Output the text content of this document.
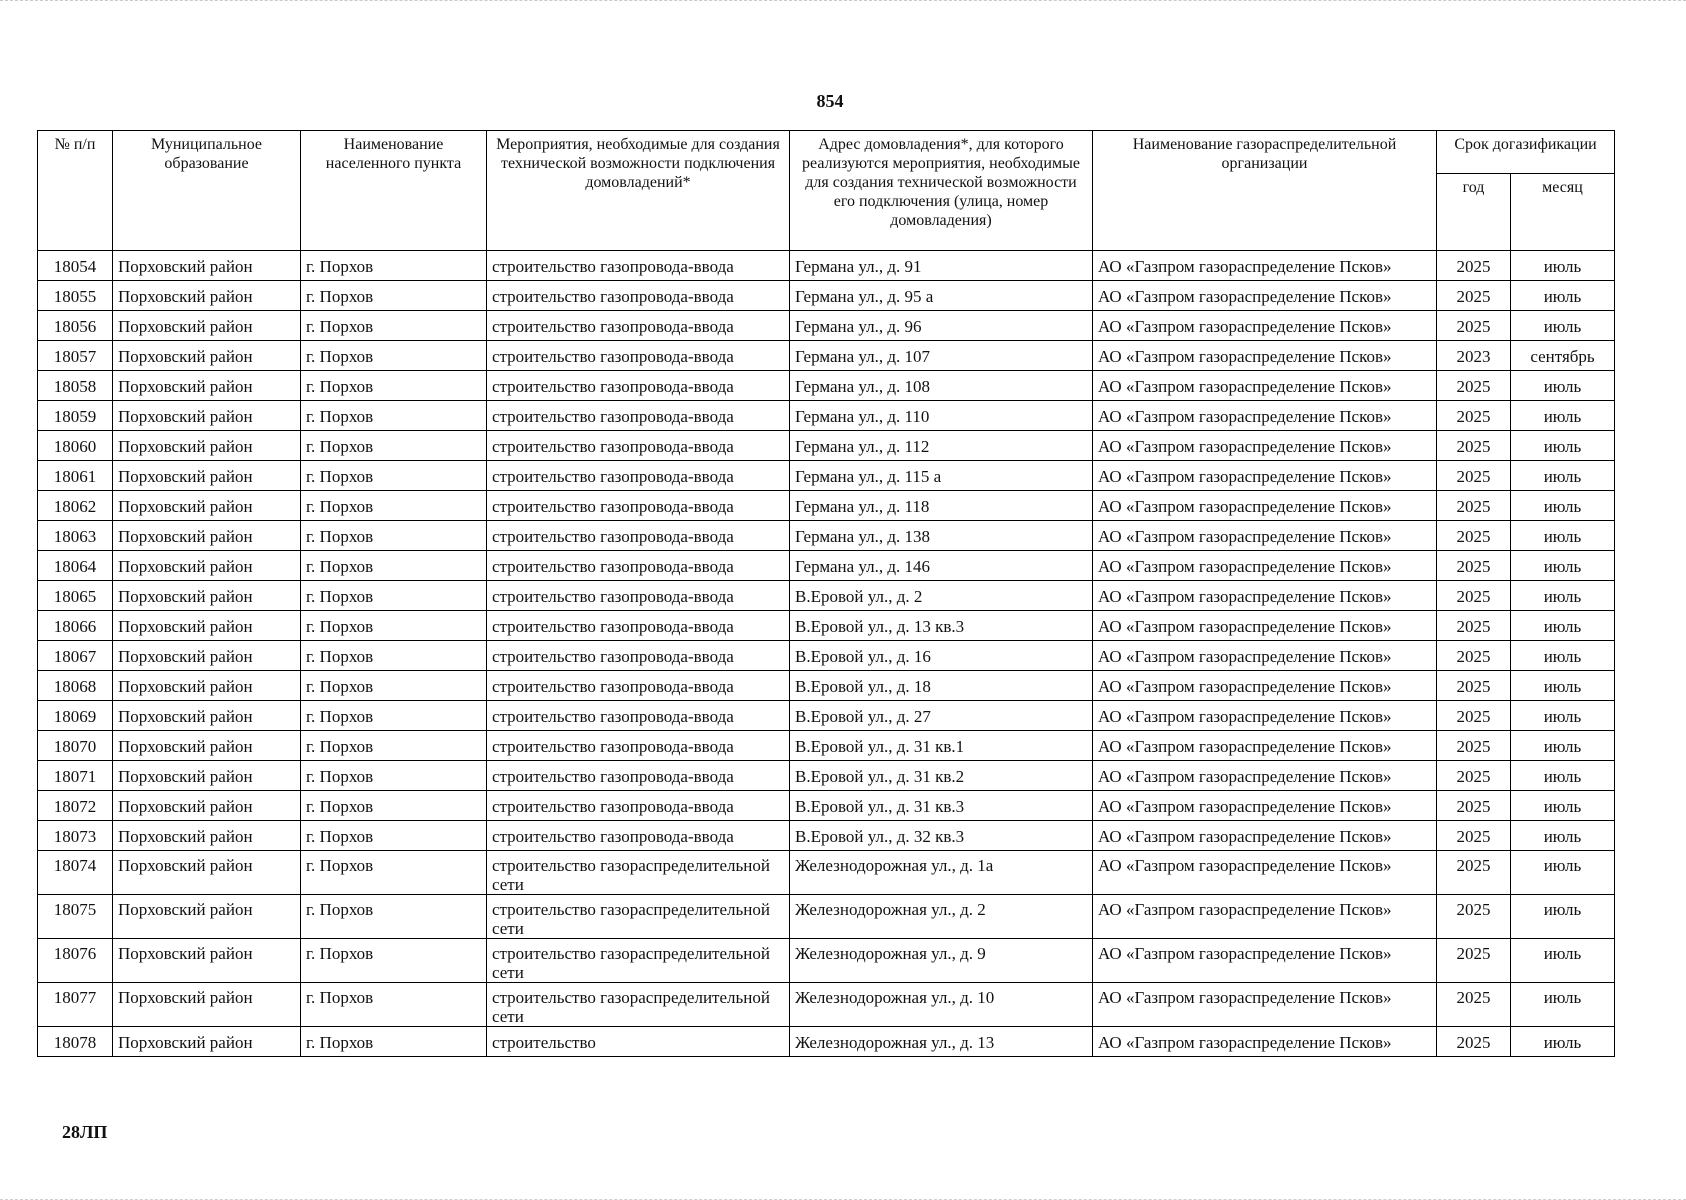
854
№ п/п	Муниципальное образование	Наименование населенного пункта	Мероприятия, необходимые для создания технической возможности подключения домовладений*	Адрес домовладения*, для которого реализуются мероприятия, необходимые для создания технической возможности его подключения (улица, номер домовладения)	Наименование газораспределительной организации	Срок догазификации	
						год	месяц
18054	Порховский район	г. Порхов	строительство газопровода-ввода	Германа ул., д. 91	АО «Газпром газораспределение Псков»	2025	июль
18055	Порховский район	г. Порхов	строительство газопровода-ввода	Германа ул., д. 95 а	АО «Газпром газораспределение Псков»	2025	июль
18056	Порховский район	г. Порхов	строительство газопровода-ввода	Германа ул., д. 96	АО «Газпром газораспределение Псков»	2025	июль
18057	Порховский район	г. Порхов	строительство газопровода-ввода	Германа ул., д. 107	АО «Газпром газораспределение Псков»	2023	сентябрь
18058	Порховский район	г. Порхов	строительство газопровода-ввода	Германа ул., д. 108	АО «Газпром газораспределение Псков»	2025	июль
18059	Порховский район	г. Порхов	строительство газопровода-ввода	Германа ул., д. 110	АО «Газпром газораспределение Псков»	2025	июль
18060	Порховский район	г. Порхов	строительство газопровода-ввода	Германа ул., д. 112	АО «Газпром газораспределение Псков»	2025	июль
18061	Порховский район	г. Порхов	строительство газопровода-ввода	Германа ул., д. 115 а	АО «Газпром газораспределение Псков»	2025	июль
18062	Порховский район	г. Порхов	строительство газопровода-ввода	Германа ул., д. 118	АО «Газпром газораспределение Псков»	2025	июль
18063	Порховский район	г. Порхов	строительство газопровода-ввода	Германа ул., д. 138	АО «Газпром газораспределение Псков»	2025	июль
18064	Порховский район	г. Порхов	строительство газопровода-ввода	Германа ул., д. 146	АО «Газпром газораспределение Псков»	2025	июль
18065	Порховский район	г. Порхов	строительство газопровода-ввода	В.Еровой ул., д. 2	АО «Газпром газораспределение Псков»	2025	июль
18066	Порховский район	г. Порхов	строительство газопровода-ввода	В.Еровой ул., д. 13 кв.3	АО «Газпром газораспределение Псков»	2025	июль
18067	Порховский район	г. Порхов	строительство газопровода-ввода	В.Еровой ул., д. 16	АО «Газпром газораспределение Псков»	2025	июль
18068	Порховский район	г. Порхов	строительство газопровода-ввода	В.Еровой ул., д. 18	АО «Газпром газораспределение Псков»	2025	июль
18069	Порховский район	г. Порхов	строительство газопровода-ввода	В.Еровой ул., д. 27	АО «Газпром газораспределение Псков»	2025	июль
18070	Порховский район	г. Порхов	строительство газопровода-ввода	В.Еровой ул., д. 31 кв.1	АО «Газпром газораспределение Псков»	2025	июль
18071	Порховский район	г. Порхов	строительство газопровода-ввода	В.Еровой ул., д. 31 кв.2	АО «Газпром газораспределение Псков»	2025	июль
18072	Порховский район	г. Порхов	строительство газопровода-ввода	В.Еровой ул., д. 31 кв.3	АО «Газпром газораспределение Псков»	2025	июль
18073	Порховский район	г. Порхов	строительство газопровода-ввода	В.Еровой ул., д. 32 кв.3	АО «Газпром газораспределение Псков»	2025	июль
18074	Порховский район	г. Порхов	строительство газораспределительной сети	Железнодорожная ул., д. 1а	АО «Газпром газораспределение Псков»	2025	июль
18075	Порховский район	г. Порхов	строительство газораспределительной сети	Железнодорожная ул., д. 2	АО «Газпром газораспределение Псков»	2025	июль
18076	Порховский район	г. Порхов	строительство газораспределительной сети	Железнодорожная ул., д. 9	АО «Газпром газораспределение Псков»	2025	июль
18077	Порховский район	г. Порхов	строительство газораспределительной сети	Железнодорожная ул., д. 10	АО «Газпром газораспределение Псков»	2025	июль
18078	Порховский район	г. Порхов	строительство	Железнодорожная ул., д. 13	АО «Газпром газораспределение Псков»	2025	июль
28ЛП
